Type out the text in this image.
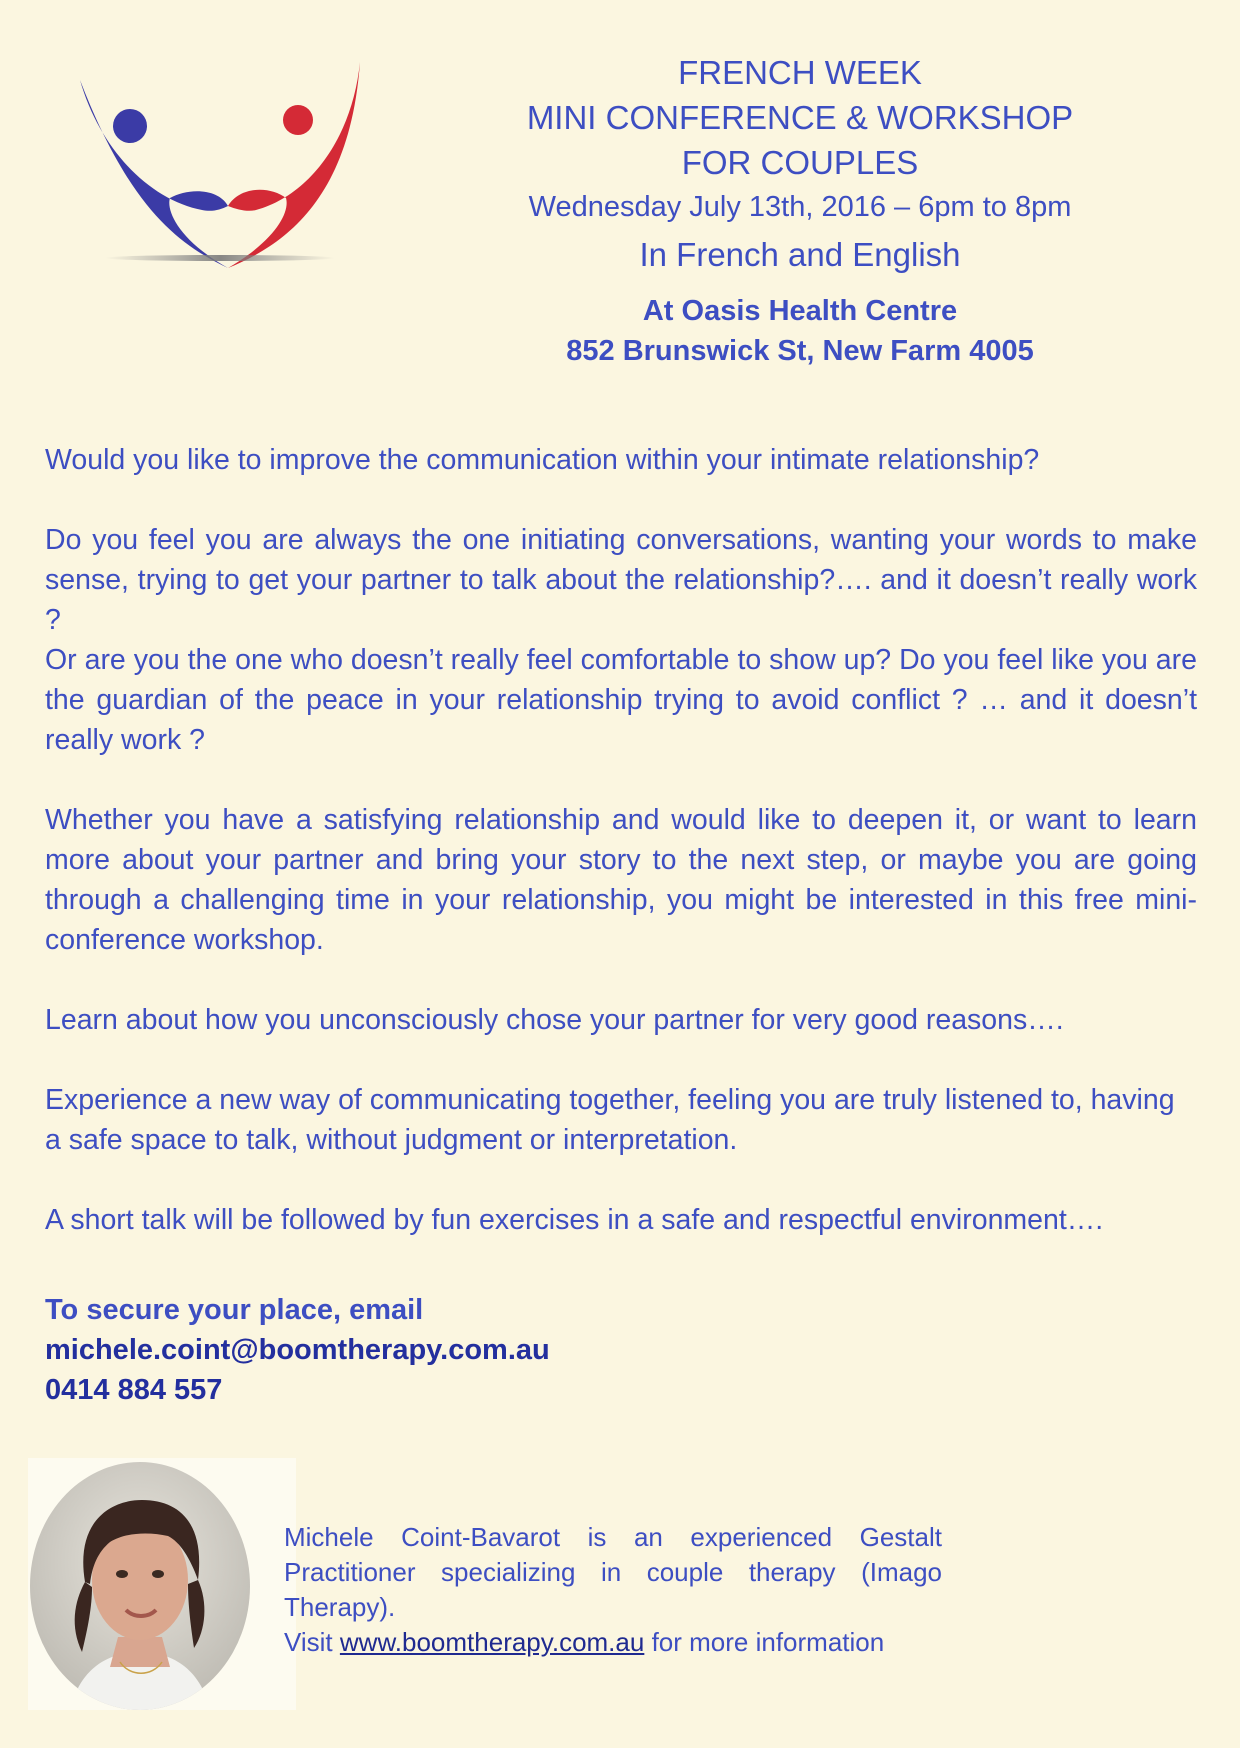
FRENCH WEEK
MINI CONFERENCE & WORKSHOP
FOR COUPLES
Wednesday July 13th, 2016 – 6pm to 8pm
In French and English
At Oasis Health Centre
852 Brunswick St, New Farm 4005

Would you like to improve the communication within your intimate relationship?

Do you feel you are always the one initiating conversations, wanting your words to make sense, trying to get your partner to talk about the relationship?…. and it doesn’t really work ?

Or are you the one who doesn’t really feel comfortable to show up? Do you feel like you are the guardian of the peace in your relationship trying to avoid conflict ? … and it doesn’t really work ?

Whether you have a satisfying relationship and would like to deepen it, or want to learn more about your partner and bring your story to the next step, or maybe you are going through a challenging time in your relationship, you might be interested in this free mini-conference workshop.

Learn about how you unconsciously chose your partner for very good reasons….

Experience a new way of communicating together, feeling you are truly listened to, having a safe space to talk, without judgment or interpretation.

A short talk will be followed by fun exercises in a safe and respectful environment….

To secure your place, email
michele.coint@boomtherapy.com.au
0414 884 557

Michele Coint-Bavarot is an experienced Gestalt Practitioner specializing in couple therapy (Imago Therapy).

Visit www.boomtherapy.com.au for more information
